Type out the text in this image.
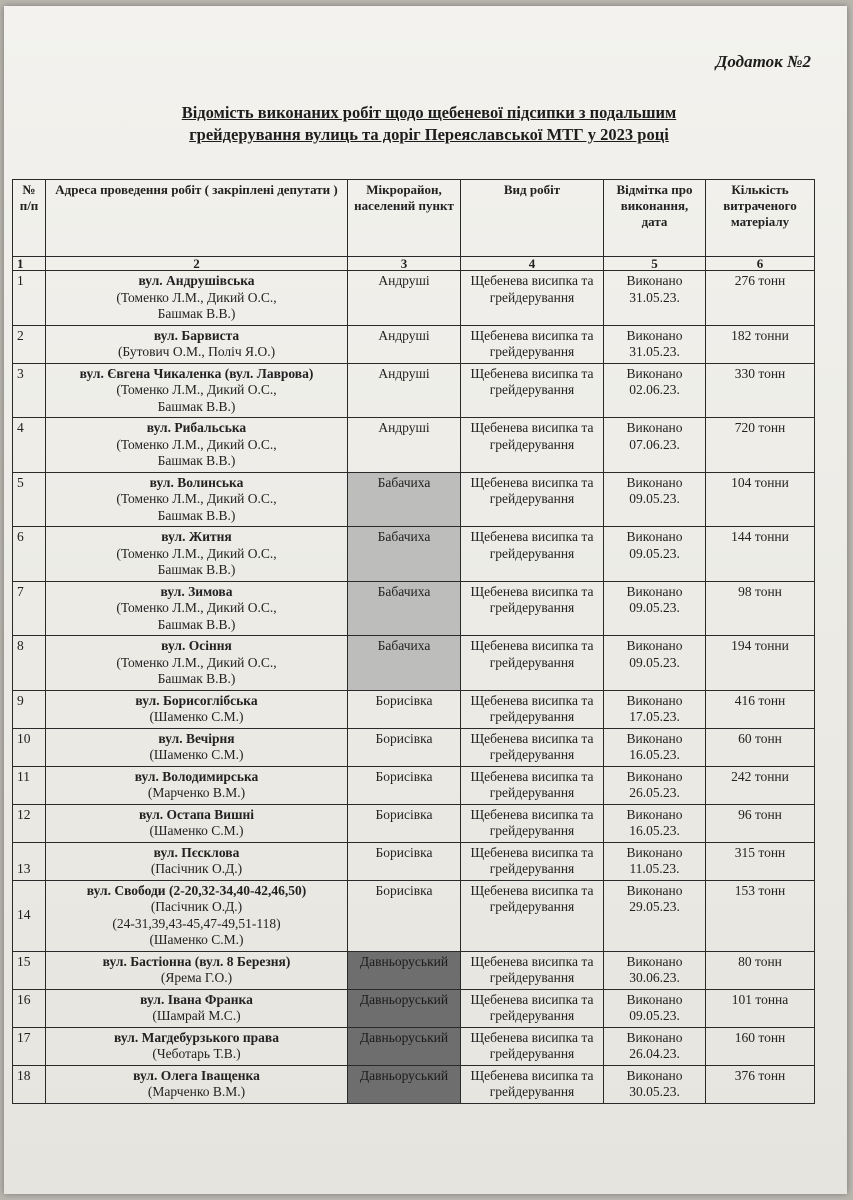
Додаток №2
Відомість виконаних робіт щодо щебеневої підсипки з подальшим
грейдерування вулиць та доріг Переяславської МТГ у 2023 році
№ п/п	Адреса проведення робіт ( закріплені депутати )	Мікрорайон, населений пункт	Вид робіт	Відмітка про виконання, дата	Кількість витраченого матеріалу
1	2	3	4	5	6
1	вул. Андрушівська
(Томенко Л.М., Дикий О.С.,
Башмак В.В.)	Андруші	Щебенева висипка та грейдерування	Виконано 31.05.23.	276 тонн
2	вул. Барвиста
(Бутович О.М., Поліч Я.О.)	Андруші	Щебенева висипка та грейдерування	Виконано 31.05.23.	182 тонни
3	вул. Євгена Чикаленка (вул. Лаврова)
(Томенко Л.М., Дикий О.С.,
Башмак В.В.)	Андруші	Щебенева висипка та грейдерування	Виконано 02.06.23.	330 тонн
4	вул. Рибальська
(Томенко Л.М., Дикий О.С.,
Башмак В.В.)	Андруші	Щебенева висипка та грейдерування	Виконано 07.06.23.	720 тонн
5	вул. Волинська
(Томенко Л.М., Дикий О.С.,
Башмак В.В.)	Бабачиха	Щебенева висипка та грейдерування	Виконано 09.05.23.	104 тонни
6	вул. Житня
(Томенко Л.М., Дикий О.С.,
Башмак В.В.)	Бабачиха	Щебенева висипка та грейдерування	Виконано 09.05.23.	144 тонни
7	вул. Зимова
(Томенко Л.М., Дикий О.С.,
Башмак В.В.)	Бабачиха	Щебенева висипка та грейдерування	Виконано 09.05.23.	98 тонн
8	вул. Осіння
(Томенко Л.М., Дикий О.С.,
Башмак В.В.)	Бабачиха	Щебенева висипка та грейдерування	Виконано 09.05.23.	194 тонни
9	вул. Борисоглібська
(Шаменко С.М.)	Борисівка	Щебенева висипка та грейдерування	Виконано 17.05.23.	416 тонн
10	вул. Вечірня
(Шаменко С.М.)	Борисівка	Щебенева висипка та грейдерування	Виконано 16.05.23.	60 тонн
11	вул. Володимирська
(Марченко В.М.)	Борисівка	Щебенева висипка та грейдерування	Виконано 26.05.23.	242 тонни
12	вул. Остапа Вишні
(Шаменко С.М.)	Борисівка	Щебенева висипка та грейдерування	Виконано 16.05.23.	96 тонн
13	вул. Пєсклова
(Пасічник О.Д.)	Борисівка	Щебенева висипка та грейдерування	Виконано 11.05.23.	315 тонн
14	вул. Свободи (2-20,32-34,40-42,46,50)
(Пасічник О.Д.)
(24-31,39,43-45,47-49,51-118)
(Шаменко С.М.)	Борисівка	Щебенева висипка та грейдерування	Виконано 29.05.23.	153 тонн
15	вул. Бастіонна (вул. 8 Березня)
(Ярема Г.О.)	Давньоруський	Щебенева висипка та грейдерування	Виконано 30.06.23.	80 тонн
16	вул. Івана Франка
(Шамрай М.С.)	Давньоруський	Щебенева висипка та грейдерування	Виконано 09.05.23.	101 тонна
17	вул. Магдебурзького права
(Чеботарь Т.В.)	Давньоруський	Щебенева висипка та грейдерування	Виконано 26.04.23.	160 тонн
18	вул. Олега Іващенка
(Марченко В.М.)	Давньоруський	Щебенева висипка та грейдерування	Виконано 30.05.23.	376 тонн
